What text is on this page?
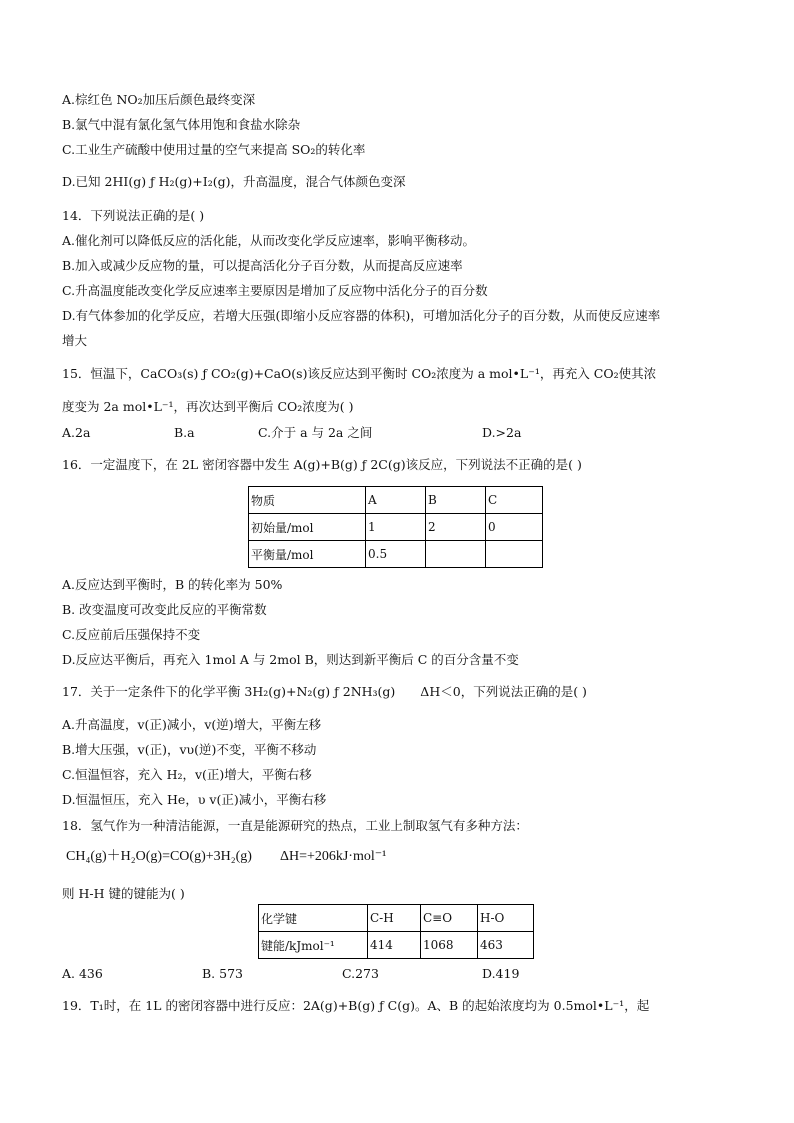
A.棕红色 NO₂加压后颜色最终变深
B.氯气中混有氯化氢气体用饱和食盐水除杂
C.工业生产硫酸中使用过量的空气来提高 SO₂的转化率
D.已知 2HI(g) ƒ H₂(g)+I₂(g)，升高温度，混合气体颜色变深
14．下列说法正确的是( )
A.催化剂可以降低反应的活化能，从而改变化学反应速率，影响平衡移动。
B.加入或减少反应物的量，可以提高活化分子百分数，从而提高反应速率
C.升高温度能改变化学反应速率主要原因是增加了反应物中活化分子的百分数
D.有气体参加的化学反应，若增大压强(即缩小反应容器的体积)，可增加活化分子的百分数，从而使反应速率
增大
15．恒温下，CaCO₃(s) ƒ CO₂(g)+CaO(s)该反应达到平衡时 CO₂浓度为 a mol•L⁻¹，再充入 CO₂使其浓
度变为 2a mol•L⁻¹，再次达到平衡后 CO₂浓度为( )
A.2a	B.a	C.介于 a 与 2a 之间	D.>2a
16．一定温度下，在 2L 密闭容器中发生 A(g)+B(g) ƒ 2C(g)该反应，下列说法不正确的是( )
物质	A	B	C
初始量/mol	1	2	0
平衡量/mol	0.5		
A.反应达到平衡时，B 的转化率为 50%
B. 改变温度可改变此反应的平衡常数
C.反应前后压强保持不变
D.反应达平衡后，再充入 1mol A 与 2mol B，则达到新平衡后 C 的百分含量不变
17．关于一定条件下的化学平衡 3H₂(g)+N₂(g) ƒ 2NH₃(g)　　ΔH＜0，下列说法正确的是( )
A.升高温度，v(正)减小，v(逆)增大，平衡左移
B.增大压强，v(正)，vυ(逆)不变，平衡不移动
C.恒温恒容，充入 H₂，v(正)增大，平衡右移
D.恒温恒压，充入 He，υ v(正)减小，平衡右移
18．氢气作为一种清洁能源，一直是能源研究的热点，工业上制取氢气有多种方法：
CH₄(g)＋H₂O(g)=CO(g)+3H₂(g)　　ΔH=+206kJ·mol⁻¹
则 H-H 键的键能为( )
化学键	C-H	C≡O	H-O
键能/kJmol⁻¹	414	1068	463
A. 436	B. 573	C.273	D.419
19．T₁时，在 1L 的密闭容器中进行反应：2A(g)+B(g) ƒ C(g)。A、B 的起始浓度均为 0.5mol•L⁻¹，起
